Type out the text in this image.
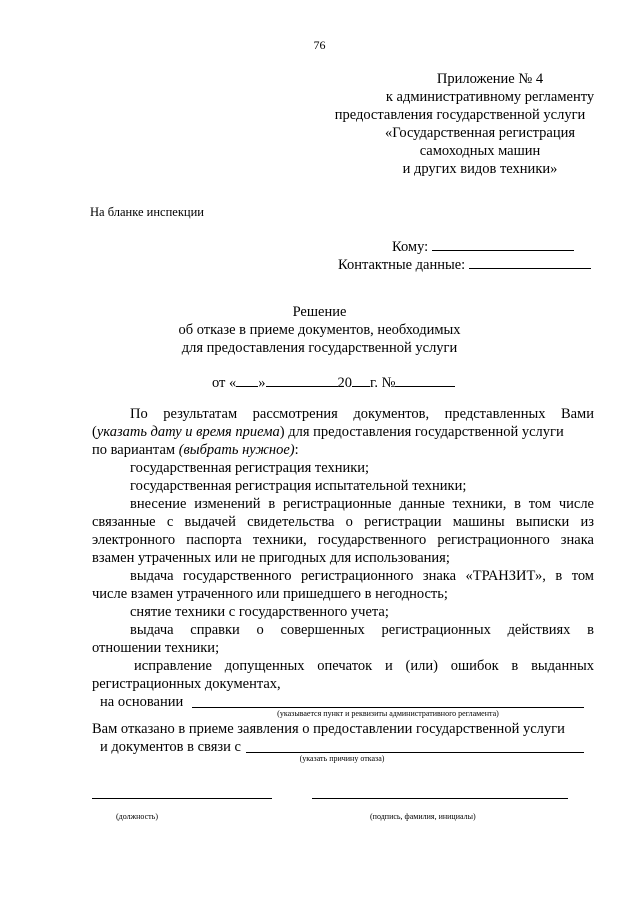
76
Приложение № 4
к административному регламенту
предоставления государственной услуги
«Государственная регистрация
самоходных машин
и других видов техники»
На бланке инспекции
Кому:
Контактные данные:
Решение
об отказе в приеме документов, необходимых
для предоставления государственной услуги
от « »	20 г. №
По результатам рассмотрения документов, представленных Вами
(указать дату и время приема) для предоставления государственной услуги
по вариантам (выбрать нужное):
государственная регистрация техники;
государственная регистрация испытательной техники;
внесение изменений в регистрационные данные техники, в том числе
связанные с выдачей свидетельства о регистрации машины выписки из
электронного паспорта техники, государственного регистрационного знака
взамен утраченных или не пригодных для использования;
выдача государственного регистрационного знака «ТРАНЗИТ», в том
числе взамен утраченного или пришедшего в негодность;
снятие техники с государственного учета;
выдача справки о совершенных регистрационных действиях в
отношении техники;
исправление допущенных опечаток и (или) ошибок в выданных
регистрационных документах,
на основании
(указывается пункт и реквизиты административного регламента)
Вам отказано в приеме заявления о предоставлении государственной услуги
и документов в связи с
(указать причину отказа)
(должность)	(подпись, фамилия, инициалы)
